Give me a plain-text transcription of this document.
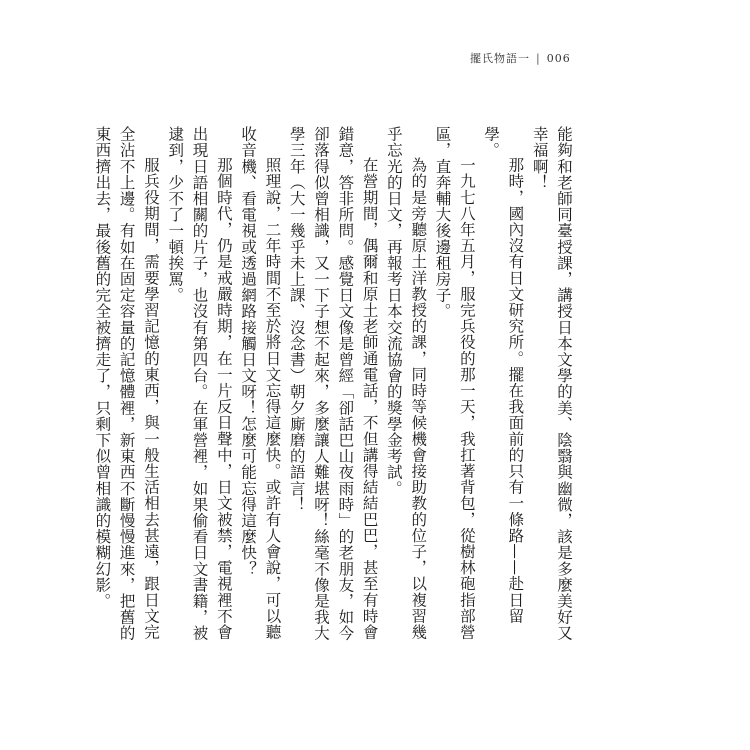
擺氏物語一 | 006

能夠和老師同臺授課，講授日本文學的美、陰翳與幽微，該是多麼美好又幸福啊！

那時，國內沒有日文研究所。擺在我面前的只有一條路——赴日留學。

一九七八年五月，服完兵役的那一天，我扛著背包，從樹林砲指部營區，直奔輔大後邊租房子。

為的是旁聽原土洋教授的課，同時等候機會接助教的位子，以複習幾乎忘光的日文，再報考日本交流協會的獎學金考試。

在營期間，偶爾和原土老師通電話，不但講得結結巴巴，甚至有時會錯意，答非所問。感覺日文像是曾經「卻話巴山夜雨時」的老朋友，如今卻落得似曾相識，又一下子想不起來，多麼讓人難堪呀！絲毫不像是我大學三年（大一幾乎未上課、沒念書）朝夕廝磨的語言！

照理說，二年時間不至於將日文忘得這麼快。或許有人會說，可以聽收音機、看電視或透過網路接觸日文呀！怎麼可能忘得這麼快？

那個時代，仍是戒嚴時期，在一片反日聲中，日文被禁，電視裡不會出現日語相關的片子，也沒有第四台。在軍營裡，如果偷看日文書籍，被逮到，少不了一頓挨罵。

服兵役期間，需要學習記憶的東西，與一般生活相去甚遠，跟日文完全沾不上邊。有如在固定容量的記憶體裡，新東西不斷慢慢進來，把舊的東西擠出去，最後舊的完全被擠走了，只剩下似曾相識的模糊幻影。
